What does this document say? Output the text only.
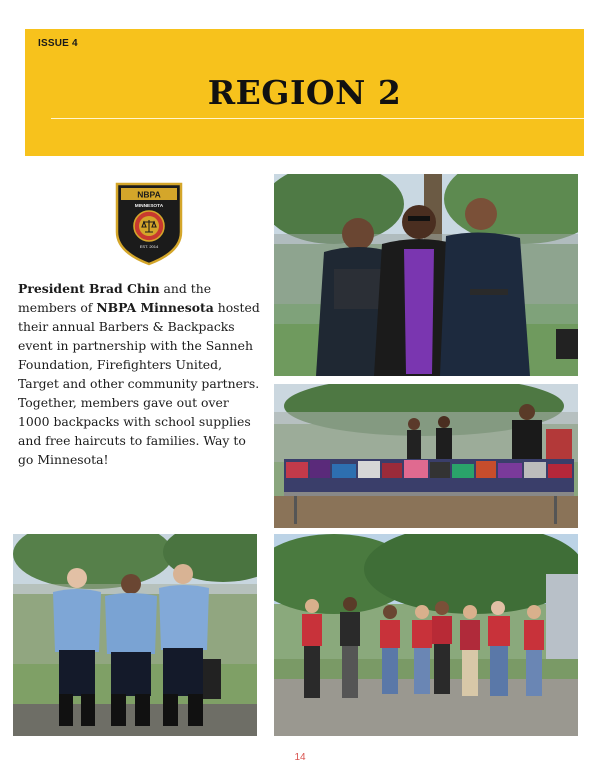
ISSUE 4
REGION 2
NBPA
MINNESOTA
EST. 2014
President Brad Chin and the members of NBPA Minnesota hosted their annual Barbers & Backpacks event in partnership with the Sanneh Foundation, Firefighters United, Target and other community partners. Together, members gave out over 1000 backpacks with school supplies and free haircuts to families. Way to go Minnesota!
14
